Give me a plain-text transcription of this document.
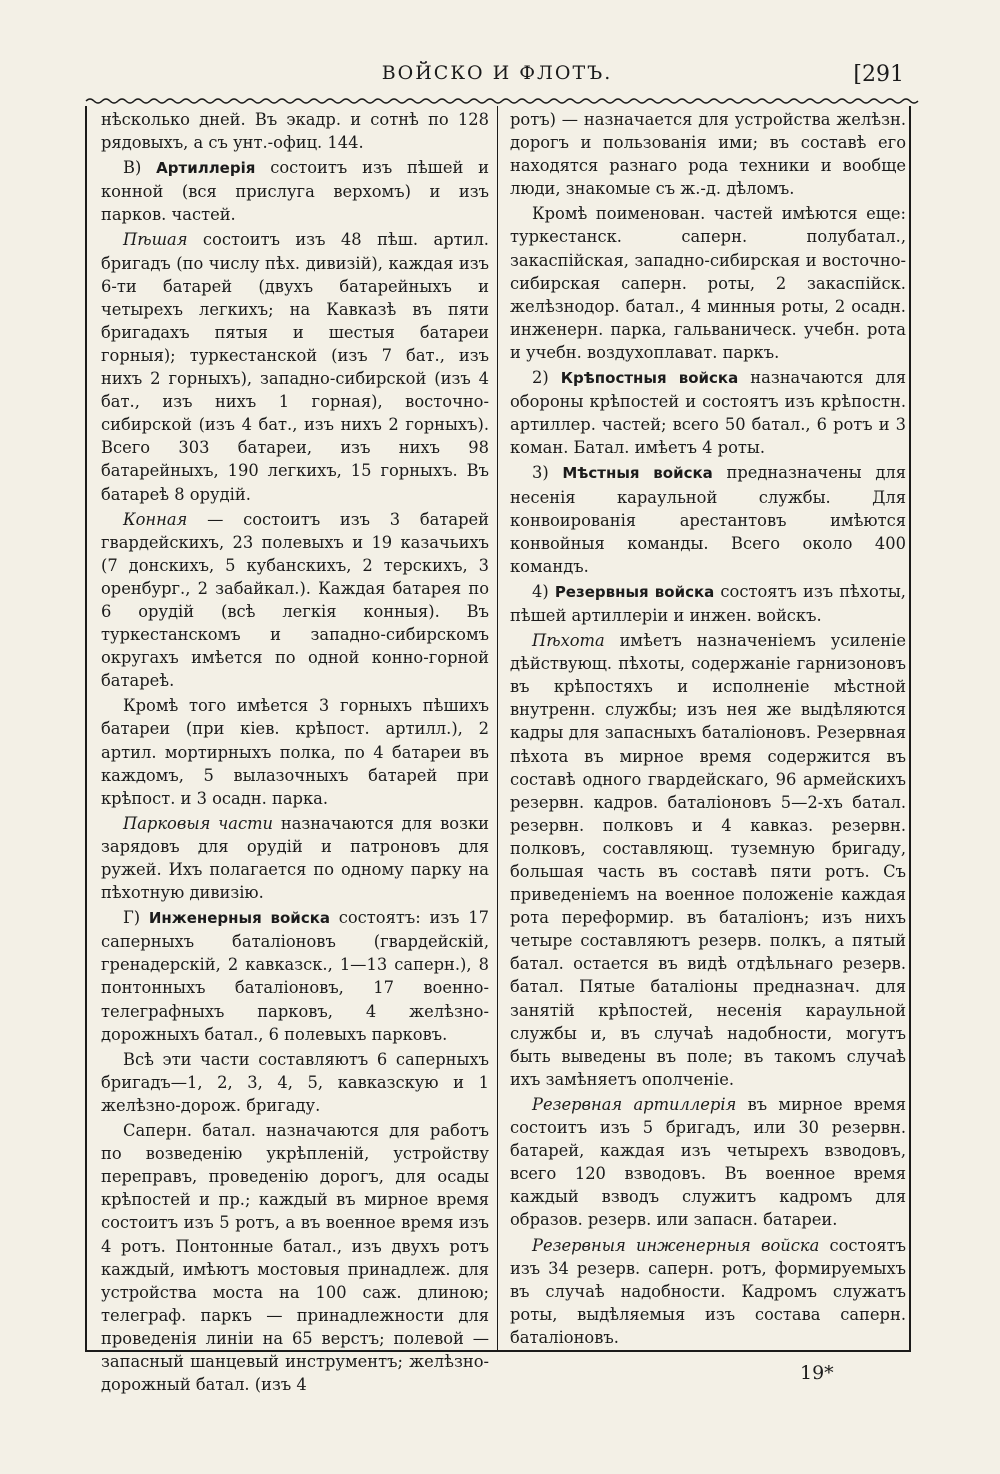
ВОЙСКО И ФЛОТЪ.	[291

нѣсколько дней. Въ экадр. и сотнѣ по 128 рядовыхъ, а съ унт.-офиц. 144.

В) Артиллерія состоитъ изъ пѣшей и конной (вся прислуга верхомъ) и изъ парков. частей.

Пѣшая состоитъ изъ 48 пѣш. артил. бригадъ (по числу пѣх. дивизій), каждая изъ 6-ти батарей (двухъ батарейныхъ и четырехъ легкихъ; на Кавказѣ въ пяти бригадахъ пятыя и шестыя батареи горныя); туркестанской (изъ 7 бат., изъ нихъ 2 горныхъ), западно-сибирской (изъ 4 бат., изъ нихъ 1 горная), восточно-сибирской (изъ 4 бат., изъ нихъ 2 горныхъ). Всего 303 батареи, изъ нихъ 98 батарейныхъ, 190 легкихъ, 15 горныхъ. Въ батареѣ 8 орудій.

Конная — состоитъ изъ 3 батарей гвардейскихъ, 23 полевыхъ и 19 казачьихъ (7 донскихъ, 5 кубанскихъ, 2 терскихъ, 3 оренбург., 2 забайкал.). Каждая батарея по 6 орудій (всѣ легкія конныя). Въ туркестанскомъ и западно-сибирскомъ округахъ имѣется по одной конно-горной батареѣ.

Кромѣ того имѣется 3 горныхъ пѣшихъ батареи (при кіев. крѣпост. артилл.), 2 артил. мортирныхъ полка, по 4 батареи въ каждомъ, 5 вылазочныхъ батарей при крѣпост. и 3 осадн. парка.

Парковыя части назначаются для возки зарядовъ для орудій и патроновъ для ружей. Ихъ полагается по одному парку на пѣхотную дивизію.

Г) Инженерныя войска состоятъ: изъ 17 саперныхъ баталіоновъ (гвардейскій, гренадерскій, 2 кавказск., 1—13 саперн.), 8 понтонныхъ баталіоновъ, 17 военно-телеграфныхъ парковъ, 4 желѣзно-дорожныхъ батал., 6 полевыхъ парковъ.

Всѣ эти части составляютъ 6 саперныхъ бригадъ—1, 2, 3, 4, 5, кавказскую и 1 желѣзно-дорож. бригаду.

Саперн. батал. назначаются для работъ по возведенію укрѣпленій, устройству переправъ, проведенію дорогъ, для осады крѣпостей и пр.; каждый въ мирное время состоитъ изъ 5 ротъ, а въ военное время изъ 4 ротъ. Понтонные батал., изъ двухъ ротъ каждый, имѣютъ мостовыя принадлеж. для устройства моста на 100 саж. длиною; телеграф. паркъ — принадлежности для проведенія линіи на 65 верстъ; полевой — запасный шанцевый инструментъ; желѣзно-дорожный батал. (изъ 4

ротъ) — назначается для устройства желѣзн. дорогъ и пользованія ими; въ составѣ его находятся разнаго рода техники и вообще люди, знакомые съ ж.-д. дѣломъ.

Кромѣ поименован. частей имѣются еще: туркестанск. саперн. полубатал., закаспійская, западно-сибирская и восточно-сибирская саперн. роты, 2 закаспійск. желѣзнодор. батал., 4 минныя роты, 2 осадн. инженерн. парка, гальваническ. учебн. рота и учебн. воздухоплават. паркъ.

2) Крѣпостныя войска назначаются для обороны крѣпостей и состоятъ изъ крѣпостн. артиллер. частей; всего 50 батал., 6 ротъ и 3 коман. Батал. имѣетъ 4 роты.

3) Мѣстныя войска предназначены для несенія караульной службы. Для конвоированія арестантовъ имѣются конвойныя команды. Всего около 400 командъ.

4) Резервныя войска состоятъ изъ пѣхоты, пѣшей артиллеріи и инжен. войскъ.

Пѣхота имѣетъ назначеніемъ усиленіе дѣйствующ. пѣхоты, содержаніе гарнизоновъ въ крѣпостяхъ и исполненіе мѣстной внутренн. службы; изъ нея же выдѣляются кадры для запасныхъ баталіоновъ. Резервная пѣхота въ мирное время содержится въ составѣ одного гвардейскаго, 96 армейскихъ резервн. кадров. баталіоновъ 5—2-хъ батал. резервн. полковъ и 4 кавказ. резервн. полковъ, составляющ. туземную бригаду, большая часть въ составѣ пяти ротъ. Съ приведеніемъ на военное положеніе каждая рота переформир. въ баталіонъ; изъ нихъ четыре составляютъ резерв. полкъ, а пятый батал. остается въ видѣ отдѣльнаго резерв. батал. Пятые баталіоны предназнач. для занятій крѣпостей, несенія караульной службы и, въ случаѣ надобности, могутъ быть выведены въ поле; въ такомъ случаѣ ихъ замѣняетъ ополченіе.

Резервная артиллерія въ мирное время состоитъ изъ 5 бригадъ, или 30 резервн. батарей, каждая изъ четырехъ взводовъ, всего 120 взводовъ. Въ военное время каждый взводъ служитъ кадромъ для образов. резерв. или запасн. батареи.

Резервныя инженерныя войска состоятъ изъ 34 резерв. саперн. ротъ, формируемыхъ въ случаѣ надобности. Кадромъ служатъ роты, выдѣляемыя изъ состава саперн. баталіоновъ.

19*
